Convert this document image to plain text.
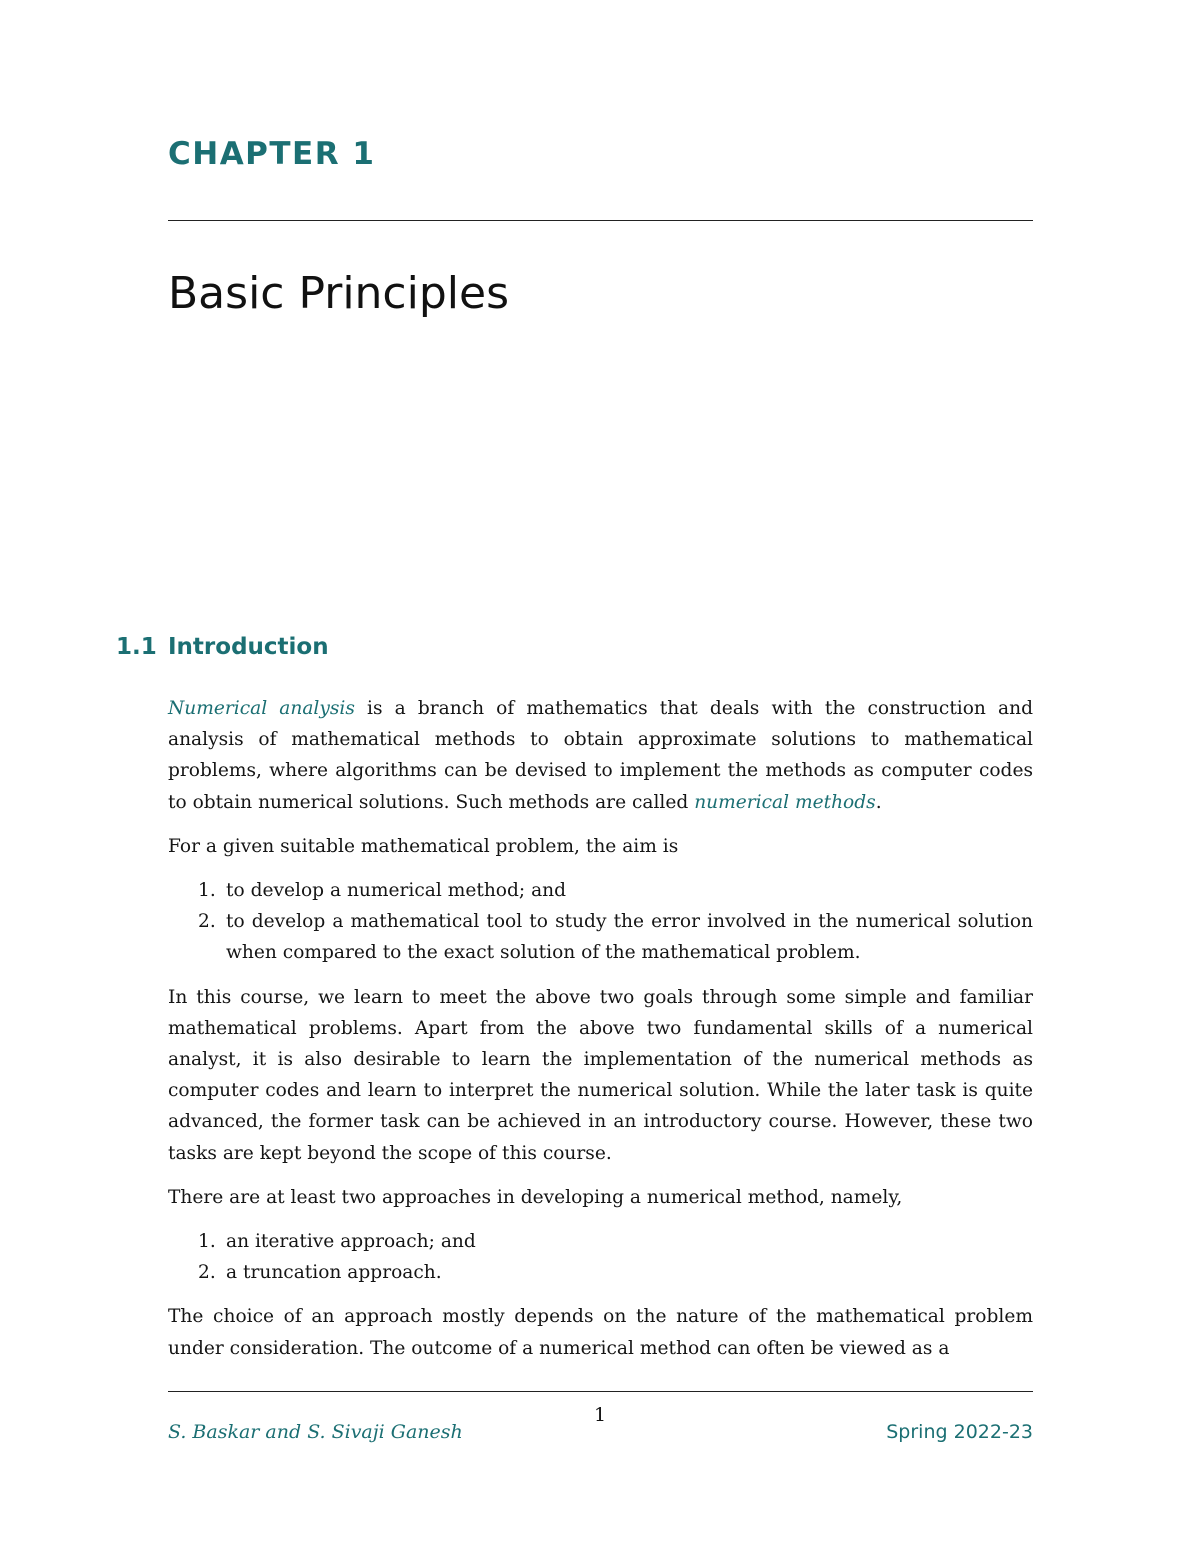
CHAPTER 1
Basic Principles
1.1 Introduction

Numerical analysis is a branch of mathematics that deals with the construction and analysis of mathematical methods to obtain approximate solutions to mathematical problems, where algorithms can be devised to implement the methods as computer codes to obtain numerical solutions. Such methods are called numerical methods.

For a given suitable mathematical problem, the aim is

1. to develop a numerical method; and
2. to develop a mathematical tool to study the error involved in the numerical solution when compared to the exact solution of the mathematical problem.

In this course, we learn to meet the above two goals through some simple and familiar mathematical problems. Apart from the above two fundamental skills of a numerical analyst, it is also desirable to learn the implementation of the numerical methods as computer codes and learn to interpret the numerical solution. While the later task is quite advanced, the former task can be achieved in an introductory course. However, these two tasks are kept beyond the scope of this course.

There are at least two approaches in developing a numerical method, namely,

1. an iterative approach; and
2. a truncation approach.

The choice of an approach mostly depends on the nature of the mathematical problem under consideration. The outcome of a numerical method can often be viewed as a

1
S. Baskar and S. Sivaji Ganesh	Spring 2022-23
